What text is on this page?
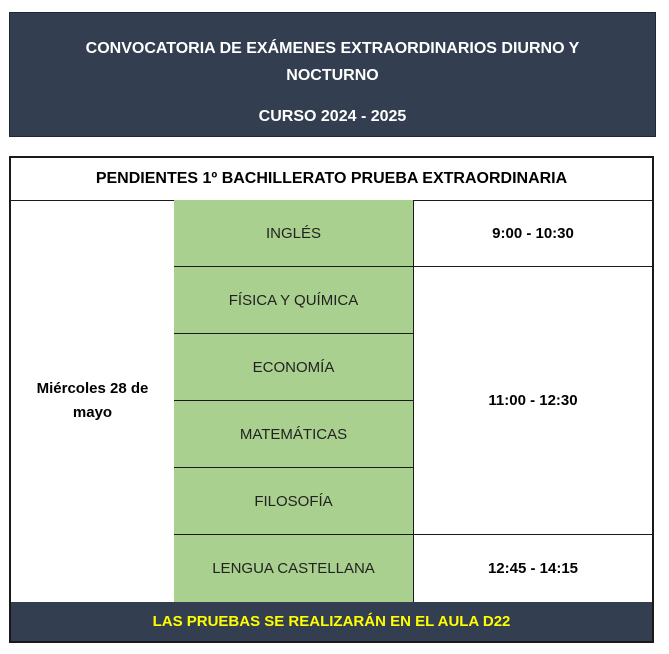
CONVOCATORIA DE EXÁMENES EXTRAORDINARIOS DIURNO Y NOCTURNO
CURSO 2024 - 2025
PENDIENTES 1º BACHILLERATO PRUEBA EXTRAORDINARIA
Miércoles 28 de mayo
INGLÉS
FÍSICA Y QUÍMICA
ECONOMÍA
MATEMÁTICAS
FILOSOFÍA
LENGUA CASTELLANA
9:00 - 10:30
11:00 - 12:30
12:45 - 14:15
LAS PRUEBAS SE REALIZARÁN EN EL AULA D22
